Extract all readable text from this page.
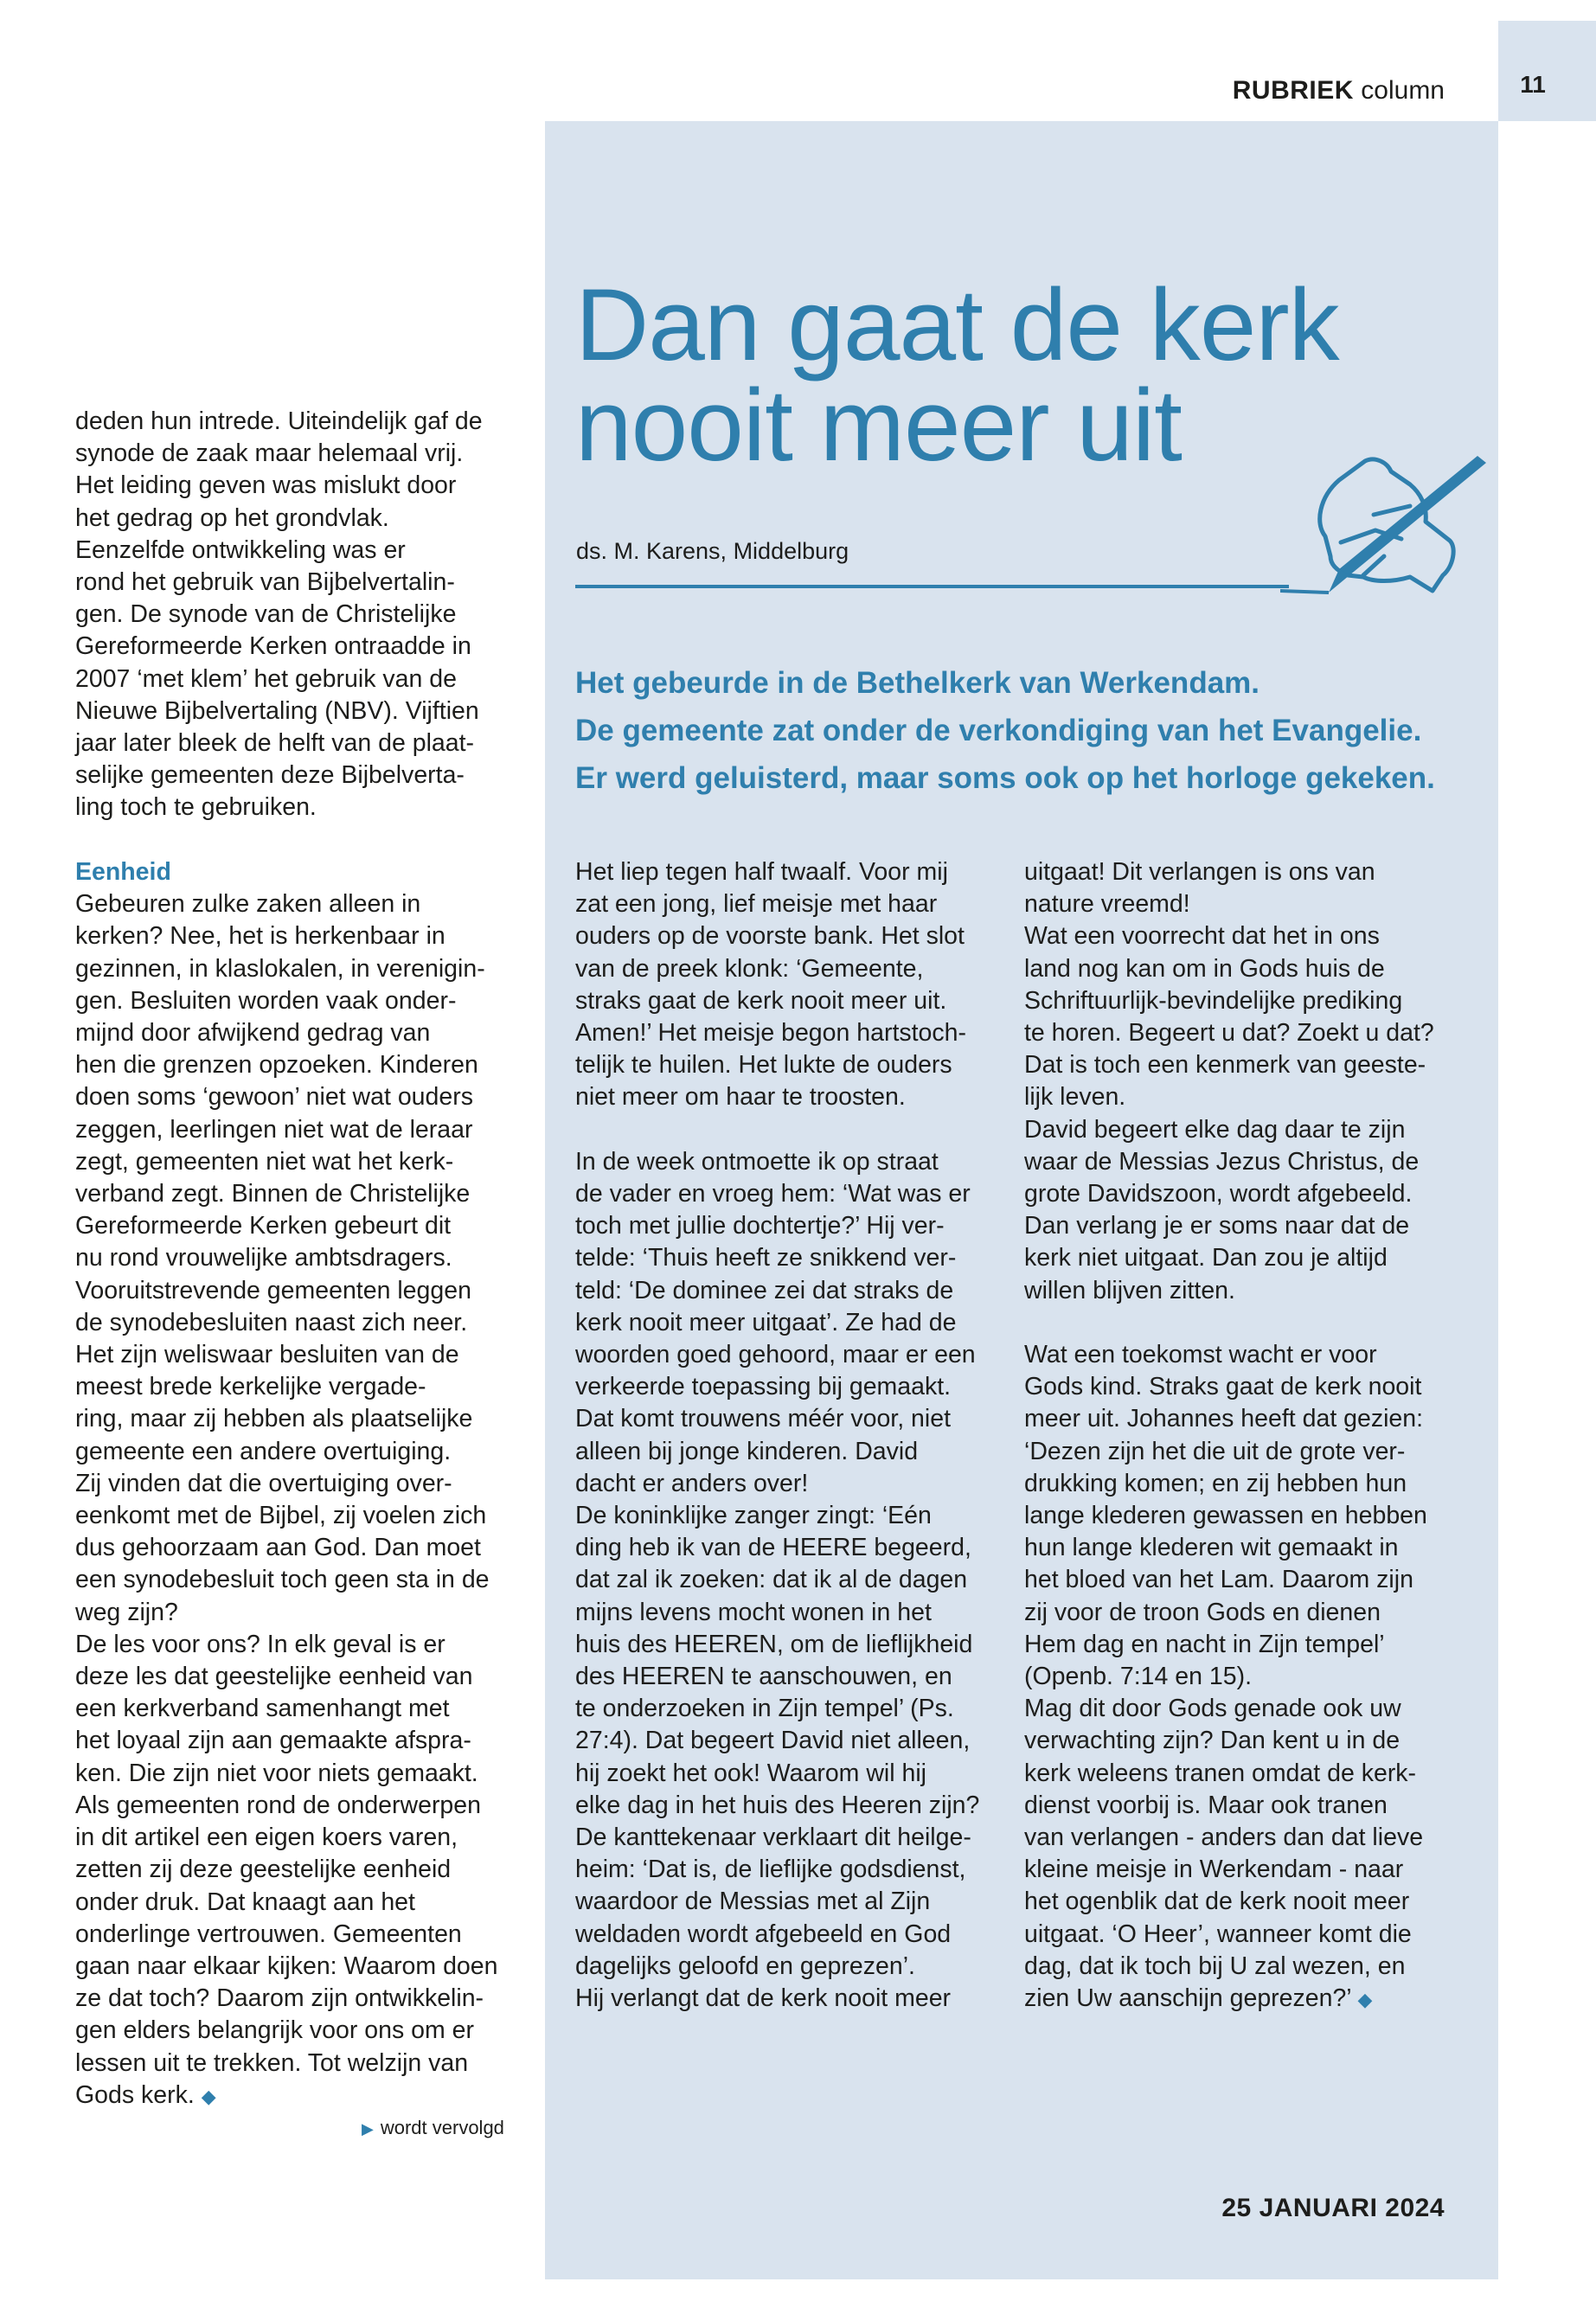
11
RUBRIEK column
Dan gaat de kerk
nooit meer uit
ds. M. Karens, Middelburg

Het gebeurde in de Bethelkerk van Werkendam.

De gemeente zat onder de verkondiging van het Evangelie.

Er werd geluisterd, maar soms ook op het horloge gekeken.

deden hun intrede. Uiteindelijk gaf de

synode de zaak maar helemaal vrij.

Het leiding geven was mislukt door

het gedrag op het grondvlak.

Eenzelfde ontwikkeling was er

rond het gebruik van Bijbelvertalin-

gen. De synode van de Christelijke

Gereformeerde Kerken ontraadde in

2007 ‘met klem’ het gebruik van de

Nieuwe Bijbelvertaling (NBV). Vijftien

jaar later bleek de helft van de plaat-

selijke gemeenten deze Bijbelverta-

ling toch te gebruiken.

Eenheid

Gebeuren zulke zaken alleen in

kerken? Nee, het is herkenbaar in

gezinnen, in klaslokalen, in verenigin-

gen. Besluiten worden vaak onder-

mijnd door afwijkend gedrag van

hen die grenzen opzoeken. Kinderen

doen soms ‘gewoon’ niet wat ouders

zeggen, leerlingen niet wat de leraar

zegt, gemeenten niet wat het kerk-

verband zegt. Binnen de Christelijke

Gereformeerde Kerken gebeurt dit

nu rond vrouwelijke ambtsdragers.

Vooruitstrevende gemeenten leggen

de synodebesluiten naast zich neer.

Het zijn weliswaar besluiten van de

meest brede kerkelijke vergade-

ring, maar zij hebben als plaatselijke

gemeente een andere overtuiging.

Zij vinden dat die overtuiging over-

eenkomt met de Bijbel, zij voelen zich

dus gehoorzaam aan God. Dan moet

een synodebesluit toch geen sta in de

weg zijn?

De les voor ons? In elk geval is er

deze les dat geestelijke eenheid van

een kerkverband samenhangt met

het loyaal zijn aan gemaakte afspra-

ken. Die zijn niet voor niets gemaakt.

Als gemeenten rond de onderwerpen

in dit artikel een eigen koers varen,

zetten zij deze geestelijke eenheid

onder druk. Dat knaagt aan het

onderlinge vertrouwen. Gemeenten

gaan naar elkaar kijken: Waarom doen

ze dat toch? Daarom zijn ontwikkelin-

gen elders belangrijk voor ons om er

lessen uit te trekken. Tot welzijn van

Gods kerk. ◆

▶ wordt vervolgd

Het liep tegen half twaalf. Voor mij

zat een jong, lief meisje met haar

ouders op de voorste bank. Het slot

van de preek klonk: ‘Gemeente,

straks gaat de kerk nooit meer uit.

Amen!’ Het meisje begon hartstoch-

telijk te huilen. Het lukte de ouders

niet meer om haar te troosten.

In de week ontmoette ik op straat

de vader en vroeg hem: ‘Wat was er

toch met jullie dochtertje?’ Hij ver-

telde: ‘Thuis heeft ze snikkend ver-

teld: ‘De dominee zei dat straks de

kerk nooit meer uitgaat’. Ze had de

woorden goed gehoord, maar er een

verkeerde toepassing bij gemaakt.

Dat komt trouwens méér voor, niet

alleen bij jonge kinderen. David

dacht er anders over!

De koninklijke zanger zingt: ‘Eén

ding heb ik van de HEERE begeerd,

dat zal ik zoeken: dat ik al de dagen

mijns levens mocht wonen in het

huis des HEEREN, om de lieflijkheid

des HEEREN te aanschouwen, en

te onderzoeken in Zijn tempel’ (Ps.

27:4). Dat begeert David niet alleen,

hij zoekt het ook! Waarom wil hij

elke dag in het huis des Heeren zijn?

De kanttekenaar verklaart dit heilge-

heim: ‘Dat is, de lieflijke godsdienst,

waardoor de Messias met al Zijn

weldaden wordt afgebeeld en God

dagelijks geloofd en geprezen’.

Hij verlangt dat de kerk nooit meer

uitgaat! Dit verlangen is ons van

nature vreemd!

Wat een voorrecht dat het in ons

land nog kan om in Gods huis de

Schriftuurlijk-bevindelijke prediking

te horen. Begeert u dat? Zoekt u dat?

Dat is toch een kenmerk van geeste-

lijk leven.

David begeert elke dag daar te zijn

waar de Messias Jezus Christus, de

grote Davidszoon, wordt afgebeeld.

Dan verlang je er soms naar dat de

kerk niet uitgaat. Dan zou je altijd

willen blijven zitten.

Wat een toekomst wacht er voor

Gods kind. Straks gaat de kerk nooit

meer uit. Johannes heeft dat gezien:

‘Dezen zijn het die uit de grote ver-

drukking komen; en zij hebben hun

lange klederen gewassen en hebben

hun lange klederen wit gemaakt in

het bloed van het Lam. Daarom zijn

zij voor de troon Gods en dienen

Hem dag en nacht in Zijn tempel’

(Openb. 7:14 en 15).

Mag dit door Gods genade ook uw

verwachting zijn? Dan kent u in de

kerk weleens tranen omdat de kerk-

dienst voorbij is. Maar ook tranen

van verlangen - anders dan dat lieve

kleine meisje in Werkendam - naar

het ogenblik dat de kerk nooit meer

uitgaat. ‘O Heer’, wanneer komt die

dag, dat ik toch bij U zal wezen, en

zien Uw aanschijn geprezen?’ ◆

25 JANUARI 2024
